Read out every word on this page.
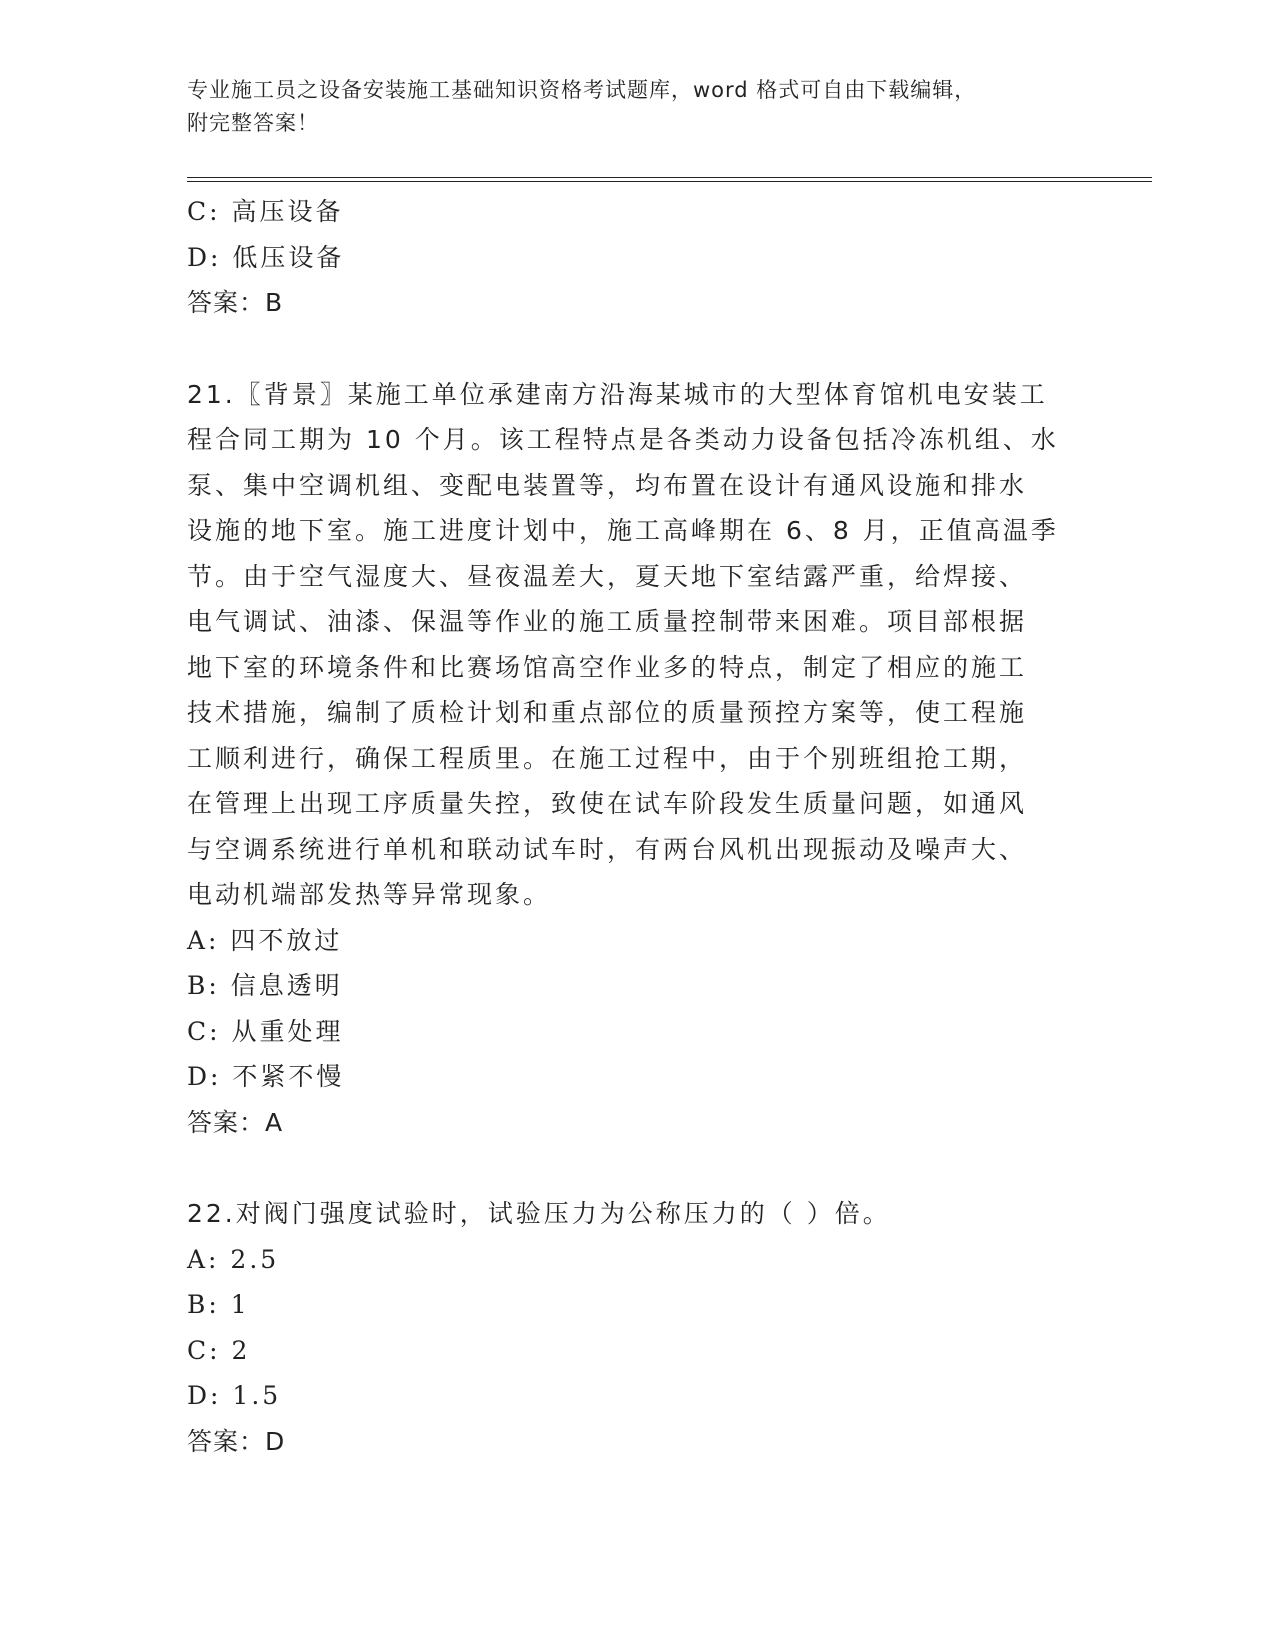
专业施工员之设备安装施工基础知识资格考试题库，word 格式可自由下载编辑，
附完整答案！
C: 高压设备
D: 低压设备
答案：B
21.〖背景〗某施工单位承建南方沿海某城市的大型体育馆机电安装工
程合同工期为 10 个月。该工程特点是各类动力设备包括冷冻机组、水
泵、集中空调机组、变配电装置等，均布置在设计有通风设施和排水
设施的地下室。施工进度计划中，施工高峰期在 6、8 月，正值高温季
节。由于空气湿度大、昼夜温差大，夏天地下室结露严重，给焊接、
电气调试、油漆、保温等作业的施工质量控制带来困难。项目部根据
地下室的环境条件和比赛场馆高空作业多的特点，制定了相应的施工
技术措施，编制了质检计划和重点部位的质量预控方案等，使工程施
工顺利进行，确保工程质里。在施工过程中，由于个别班组抢工期，
在管理上出现工序质量失控，致使在试车阶段发生质量问题，如通风
与空调系统进行单机和联动试车时，有两台风机出现振动及噪声大、
电动机端部发热等异常现象。
A: 四不放过
B: 信息透明
C: 从重处理
D: 不紧不慢
答案：A
22.对阀门强度试验时，试验压力为公称压力的（ ）倍。
A: 2.5
B: 1
C: 2
D: 1.5
答案：D
